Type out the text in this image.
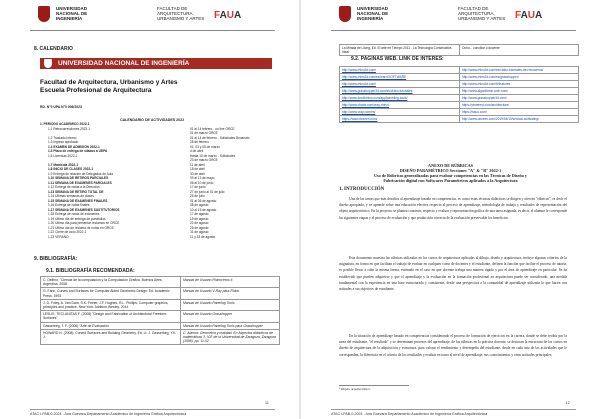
UNIVERSIDAD
NACIONAL DE
INGENIERÍA
FACULTAD DE
ARQUITECTURA,
URBANISMO Y ARTES FAUA
8. CALENDARIO
UNIVERSIDAD NACIONAL DE INGENIERÍA
Facultad de Arquitectura, Urbanismo y Artes
Escuela Profesional de Arquitectura
RD. N°0 UPA N°0 006/2023
CALENDARIO DE ACTIVIDADES 2022
1. PERIODO ACADEMICO 2022-1
1.1 Retrocorrecciones 2022-1	01 al 14 febrero - on line ORCE
01 de marzo ORCE
1.2 Traslado Interno	01 al 14 de febrero - Solicitudes Decanato
1.3 Ingreso aprobado	28 de febrero
1.4 EXAMEN DE ADMISIÓN 2022-1	01, 03 y 05 de marzo
1.5 Plazo de entrega de sílabos a UEPA	4 de abril
1.6 Licencias 2022-1	Hasta 10 de marzo - Solicitudes
23 de marzo ORCE
1.7 Matrícula 2022-1	11 de abril
1.8 INICIO DE CLASES 2022-1	18 de abril
1.9 Entrega de relación de Delegados de Aula	30 de abril
1.10 SEMANA DE RETIROS PARCIALES	09 al 13 de mayo
1.11 SEMANA DE EXAMENES PARCIALES	06 al 10 de junio
1.12 Entrega de notas a la Dirección	17 de junio
1.13 SEMANA DE RETIRO TOTAL DE	27 de junio al 01 de julio
1.14 Últimas semanas de clases	25 de julio
1.15 SEMANA DE EXAMENES FINALES	01 al 05 de agosto
1.16 Entrega de notas finales	08 de agosto
1.17 SEMANA DE EXAMENES SUSTITUTORIOS	10 al 15 de agosto
1.18 Entrega de notas de exámenes	17 de agosto
1.19 Último día de entrega de portafolios	15 de agosto
1.20 Último día para presentar reclamos en ORCE	22 de agosto
1.21 Último día de reclamo de notas en ORCE	26 de agosto
1.22 Cierre de ciclo 2022-1	31 de agosto
1.23 VERANO	11 y 18 de agosto
9. BIBLIOGRAFÍA:
9.1. BIBLIOGRAFÍA RECOMENDADA:
C. Delfino, "Ciencia de la computación y la Computación Gráfica. Buenos Aires, Argentina, 2008	Manual de Usuario Rhinoceros 6
G. Farin, Curves and Surfaces for Computer Aided Geometric Design. Ed. Academic Press. 1993	Manual de Usuario V-Ray para Rhino
J. D. Foley, A. Van Dam, S.K. Feiner, J.F. Hughes, R.L. Phillips, Computer graphics, principles and practice. New York: Addison-Wesley, 2014	Manual de Usuario Paneling Tools
LESLIE, TECLANITAS F. (2008) "Design and Fabrication of Architectural Freeform Surfaces"	Manual de Usuario Grasshopper
Gasserbeg, T. F. (2006) "Arte de Evaluación	Manual de Usuario Paneling Tools para Grasshopper
HOWARD N. (2008). Curved Surfaces and Building Geometry. Ed. Lt. J. Gasserbeg, Y.K. J.	C. Alarma: Geometría y realidad. En Aspectos didácticos de matemáticas 3, ICE de la Universidad de Zaragoza, Zaragoza (1998), pp. 11-52
11
ATAC I-PAB-0-2024 - Ana Guevara Departamento Académico de Ingeniería Gráfica Arquitectónica
UNIVERSIDAD
NACIONAL DE
INGENIERÍA
FACULTAD DE
ARQUITECTURA,
URBANISMO Y ARTES FAUA
La Mirada de Lilong, Ed. El arte en Tiempo 2011 - La Tecnología Constructiva Ideal	Ocho... conciliar o docente
9.2. PAGINAS WEB. LINK DE INTERES:
http://www.rhino3d.com/	http://www.rhino3d.com/es/video-tutoriales-de-rhinoceros/
http://www.rhino3d.com/es/learn/SOFTWARE	http://www.rhino3d.com/es/grasshopper/
http://www.rhino3d.com/	http://www.rhino3d.com/6/features
http://www.grasshopper3d.com/es/video-tutoriales	http://www.algorithmic-arch.com/
http://www.food4rhino.com/app/paneling-tools/	http://www.grasshopper3d.com/
http://www.chaos.com/vray-rhino/	https://pinterest.com/architecture/
http://www.vray.com/es/	https://issuu.com/
https://www.dezeen.com/	http://www.dezeen.com/2019/04/10/vertical-cultivating/
ANEXO DE RÚBRICAS
DISEÑO PARAMÉTRICO Secciones "A" & "B" 2022-1
Uso de Rúbricas generalizadas para evaluar competencias en las Técnicas de Diseño y
Fabricación digital con Softwares Paramétricos aplicados a la Arquitectura
1. INTRODUCCIÓN
Una de las tareas que más desafíos al aprendizaje basado en competencias, es como estas técnicas didácticas se dirigen y ofrecen "rúbricas", es decir el diseño apropiado, y se aprende sobre una educación efectiva respecto al proceso de aprendizaje, metodología de trabajo y resultados de representación del objeto arquitectónico. En la proyecto se plantea construir, respecto y evaluar y representación gráfica de una tarea asignada, es decir, el alumno le corresponde las siguientes etapas y el proceso de evaluación y que producción correcta de la evaluación preservable los beneficios.
Este documento muestra las rúbricas utilizadas en los cursos de arquitectura aplicadas al dibujo, diseño y arquitectura, incluye algunos criterios de la asignatura, en forma en que facilitan el trabajo de evaluar en cualquier curso de docentes y el estudiante, definen la función que facilite el proceso de tutoría, es posible llevar a cabo la misma forma, estimado en el caso en que docente trabaja una manera rápido y por el área de aprendizaje en particular. Se ha establecido que pueden adquirirse y que el aprendizaje y la evaluación en la formación profesional en arquitectura puede ser considerado, una medida fundamental con la experiencia en una base estructurada y consistente, desde una perspectiva a la comunidad de aprendizaje utilizada lo que hacen con actitudes a sus objetivos de estudiante.
En la situación de aprendizaje basado en competencias considerando el proceso de formación de ejercicios en la carrera, donde se debe recibir por la tarea del estudiante, "el resultado" y se determinan procesos del aprendizaje, de las rúbricas en la práctica docente, se destacan la estructura de los cursos en diseño de arquitectura de la adquisición y estructura, para valorar el rendimiento y desempeño del estudiante, desde en cada uno de las actividades que le corresponden, la diferencia en el criterio de los resultados y evaluar en torno al nivel de aprendizaje, sus conocimientos y otras actitudes principales.
¹ Objeto arquitectónico
12
ATAC I-PAB-0-2024 - Ana Guevara Departamento Académico de Ingeniería Gráfica Arquitectónica
